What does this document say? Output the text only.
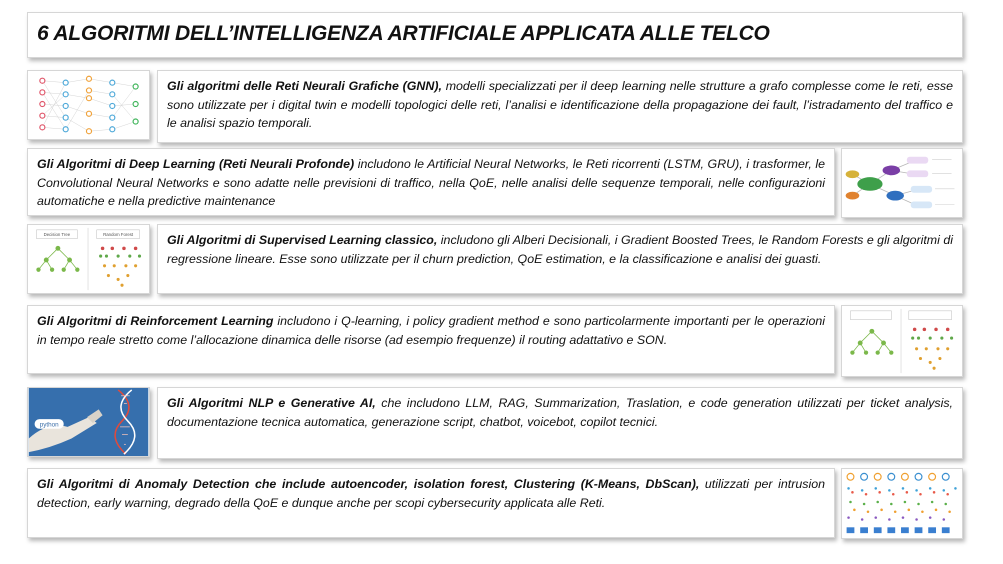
6 ALGORITMI DELL’INTELLIGENZA ARTIFICIALE APPLICATA ALLE TELCO
Gli algoritmi delle Reti Neurali Grafiche (GNN), modelli specializzati per il deep learning nelle strutture a grafo complesse come le reti, esse sono utilizzate per i digital twin e modelli topologici delle reti, l’analisi e identificazione della propagazione dei fault, l’istradamento del traffico e le analisi spazio temporali.
Gli Algoritmi di Deep Learning (Reti Neurali Profonde) includono le Artificial Neural Networks, le Reti ricorrenti (LSTM, GRU), i trasformer, le Convolutional Neural Networks e sono adatte nelle previsioni di traffico, nella QoE, nelle analisi delle sequenze temporali, nelle configurazioni automatiche e nella predictive maintenance
Decision Tree	Random Forest	Gli Algoritmi di Supervised Learning classico, includono gli Alberi Decisionali, i Gradient Boosted Trees, le Random Forests e gli algoritmi di regressione lineare. Esse sono utilizzate per il churn prediction, QoE estimation, e la classificazione e analisi dei guasti.
Gli Algoritmi di Reinforcement Learning includono i Q-learning, i policy gradient method e sono particolarmente importanti per le operazioni in tempo reale stretto come l’allocazione dinamica delle risorse (ad esempio frequenze) il routing adattativo e SON.
python
Gli Algoritmi NLP e Generative AI, che includono LLM, RAG, Summarization, Traslation, e code generation utilizzati per ticket analysis, documentazione tecnica automatica, generazione script, chatbot, voicebot, copilot tecnici.
Gli Algoritmi di Anomaly Detection che include autoencoder, isolation forest, Clustering (K-Means, DbScan), utilizzati per intrusion detection, early warning, degrado della QoE e dunque anche per scopi cybersecurity applicata alle Reti.
